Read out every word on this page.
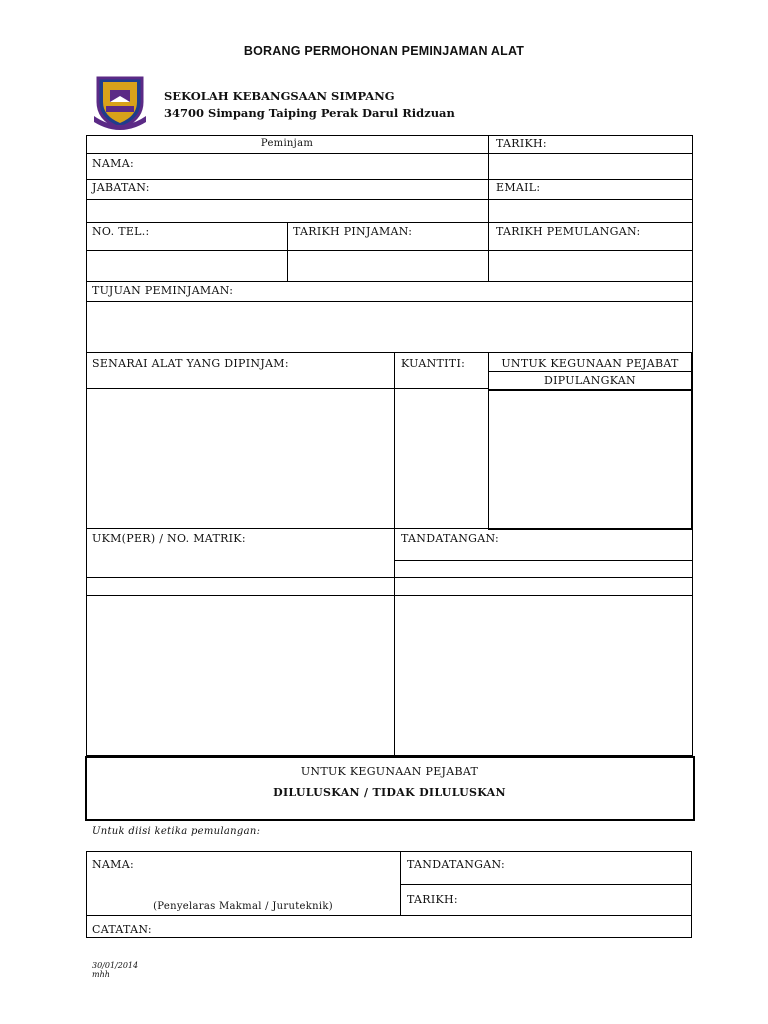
BORANG PERMOHONAN PEMINJAMAN ALAT
SEKOLAH KEBANGSAAN SIMPANG
34700 Simpang Taiping Perak Darul Ridzuan
Peminjam	TARIKH:
NAMA:
JABATAN:	EMAIL:
NO. TEL.:	TARIKH PINJAMAN:	TARIKH PEMULANGAN:
TUJUAN PEMINJAMAN:
SENARAI ALAT YANG DIPINJAM:	KUANTITI:	UNTUK KEGUNAAN PEJABAT
DIPULANGKAN
UKM(PER) / NO. MATRIK:	TANDATANGAN:
UNTUK KEGUNAAN PEJABAT
DILULUSKAN / TIDAK DILULUSKAN
Untuk diisi ketika pemulangan:
NAMA:
(Penyelaras Makmal / Juruteknik)
TANDATANGAN:
TARIKH:
CATATAN:
30/01/2014
mhh
